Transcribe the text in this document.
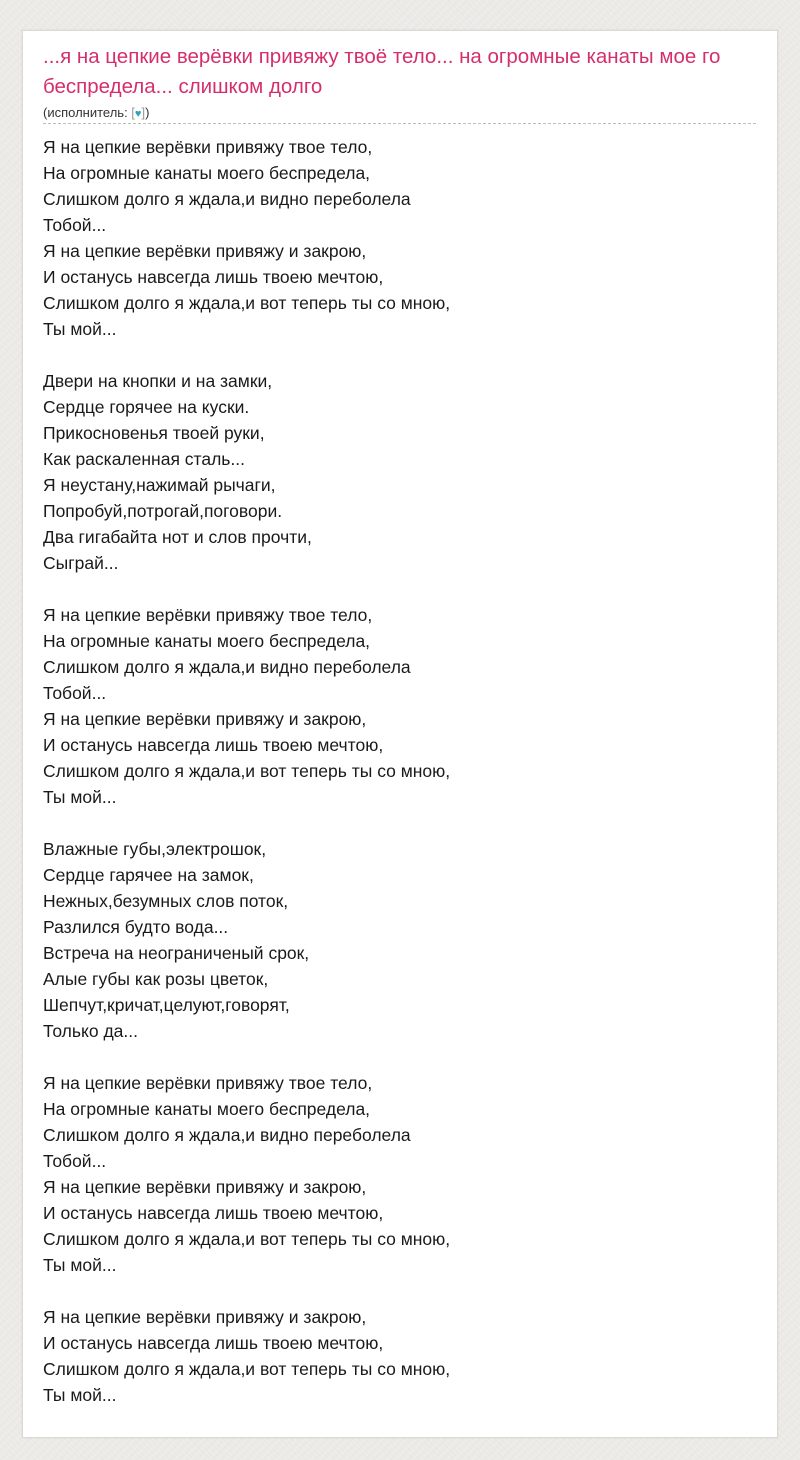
...я на цепкие верёвки привяжу твоё тело... на огромные канаты мое го беспредела... слишком долго
(исполнитель: [♥])
Я на цепкие верёвки привяжу твое тело,
На огромные канаты моего беспредела,
Слишком долго я ждала,и видно переболела
Тобой...
Я на цепкие верёвки привяжу и закрою,
И останусь навсегда лишь твоею мечтою,
Слишком долго я ждала,и вот теперь ты со мною,
Ты мой...
Двери на кнопки и на замки,
Сердце горячее на куски.
Прикосновенья твоей руки,
Как раскаленная сталь...
Я неустану,нажимай рычаги,
Попробуй,потрогай,поговори.
Два гигабайта нот и слов прочти,
Сыграй...
Я на цепкие верёвки привяжу твое тело,
На огромные канаты моего беспредела,
Слишком долго я ждала,и видно переболела
Тобой...
Я на цепкие верёвки привяжу и закрою,
И останусь навсегда лишь твоею мечтою,
Слишком долго я ждала,и вот теперь ты со мною,
Ты мой...
Влажные губы,электрошок,
Сердце гарячее на замок,
Нежных,безумных слов поток,
Разлился будто вода...
Встреча на неограниченый срок,
Алые губы как розы цветок,
Шепчут,кричат,целуют,говорят,
Только да...
Я на цепкие верёвки привяжу твое тело,
На огромные канаты моего беспредела,
Слишком долго я ждала,и видно переболела
Тобой...
Я на цепкие верёвки привяжу и закрою,
И останусь навсегда лишь твоею мечтою,
Слишком долго я ждала,и вот теперь ты со мною,
Ты мой...
Я на цепкие верёвки привяжу и закрою,
И останусь навсегда лишь твоею мечтою,
Слишком долго я ждала,и вот теперь ты со мною,
Ты мой...
